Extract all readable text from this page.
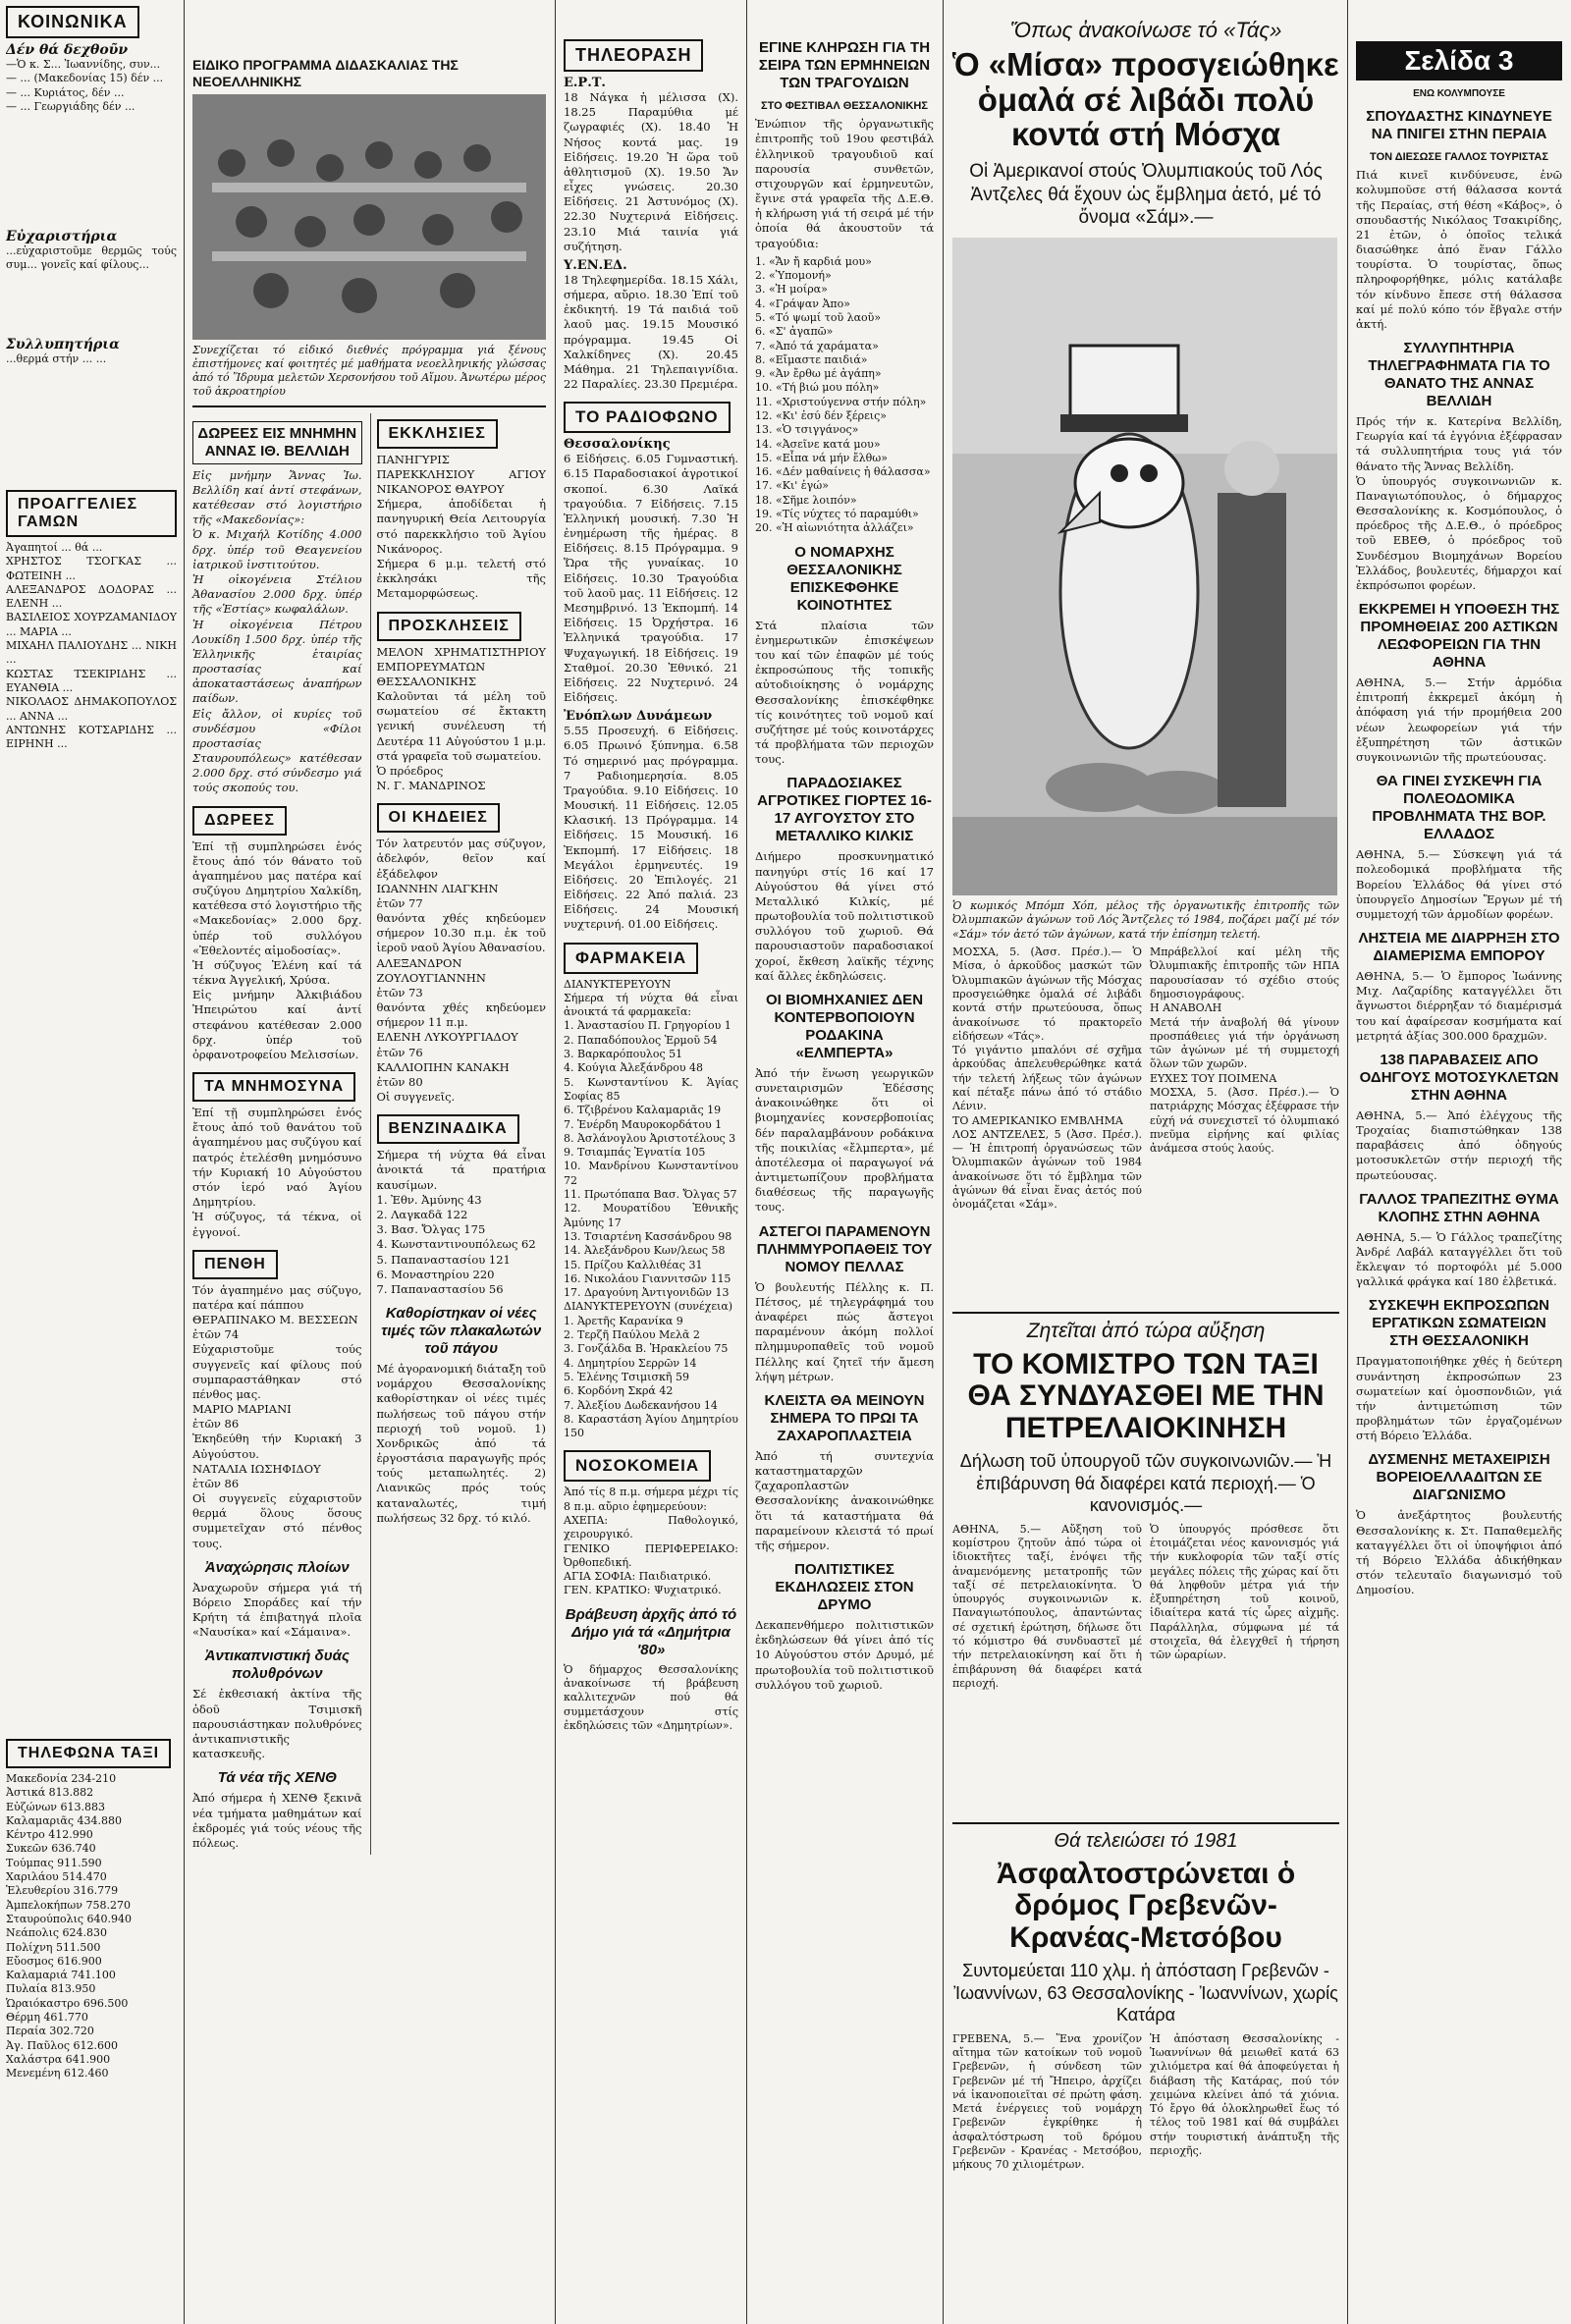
ΚΟΙΝΩΝΙΚΑ
Δέν θά δεχθοῦν
—Ὁ κ. Σ... Ἰωαννίδης, συν...
— ... (Μακεδονίας 15) δέν ...
— ... Κυριάτος, δέν ...
— ... Γεωργιάδης δέν ...
Εὐχαριστήρια
...εὐχαριστοῦμε θερμῶς τούς συμ... γονεῖς καί φίλους...
Συλλυπητήρια
...θερμά στήν ... ...
ΠΡΟΑΓΓΕΛΙΕΣ ΓΑΜΩΝ
Ἀγαπητοί ... θά ...
ΧΡΗΣΤΟΣ ΤΣΟΓΚΑΣ ... ΦΩΤΕΙΝΗ ...
ΑΛΕΞΑΝΔΡΟΣ ΔΟΔΟΡΑΣ ... ΕΛΕΝΗ ...
ΒΑΣΙΛΕΙΟΣ ΧΟΥΡΖΑΜΑΝΙΔΟΥ ... ΜΑΡΙΑ ...
ΜΙΧΑΗΛ ΠΑΛΙΟΥΔΗΣ ... ΝΙΚΗ ...
ΚΩΣΤΑΣ ΤΣΕΚΙΡΙΔΗΣ ... ΕΥΑΝΘΙΑ ...
ΝΙΚΟΛΑΟΣ ΔΗΜΑΚΟΠΟΥΛΟΣ ... ΑΝΝΑ ...
ΑΝΤΩΝΗΣ ΚΟΤΣΑΡΙΔΗΣ ... ΕΙΡΗΝΗ ...
ΤΗΛΕΦΩΝΑ ΤΑΞΙ
Μακεδονία 234-210
Ἀστικά 813.882
Εὐζώνων 613.883
Καλαμαριᾶς 434.880
Κέντρο 412.990
Συκεῶν 636.740
Τούμπας 911.590
Χαριλάου 514.470
Ἐλευθερίου 316.779
Ἀμπελοκήπων 758.270
Σταυρούπολις 640.940
Νεάπολις 624.830
Πολίχνη 511.500
Εὔοσμος 616.900
Καλαμαριά 741.100
Πυλαία 813.950
Ὡραιόκαστρο 696.500
Θέρμη 461.770
Περαία 302.720
Ἀγ. Παῦλος 612.600
Χαλάστρα 641.900
Μενεμένη 612.460
ΕΙΔΙΚΟ ΠΡΟΓΡΑΜΜΑ ΔΙΔΑΣΚΑΛΙΑΣ ΤΗΣ ΝΕΟΕΛΛΗΝΙΚΗΣ
Συνεχίζεται τό εἰδικό διεθνές πρόγραμμα γιά ξένους ἐπιστήμονες καί φοιτητές μέ μαθήματα νεοελληνικής γλώσσας ἀπό τό Ἵδρυμα μελετῶν Χερσονήσου τοῦ Αἵμου. Ἀνωτέρω μέρος τοῦ ἀκροατηρίου
ΔΩΡΕΕΣ ΕΙΣ ΜΝΗΜΗΝ ΑΝΝΑΣ ΙΘ. ΒΕΛΛΙΔΗ
Εἰς μνήμην Ἄννας Ἰω. Βελλίδη καί ἀντί στεφάνων, κατέθεσαν στό λογιστήριο τῆς «Μακεδονίας»:
Ὁ κ. Μιχαήλ Κοτίδης 4.000 δρχ. ὑπέρ τοῦ Θεαγενείου ἰατρικοῦ ἰνστιτούτου.
Ἡ οἰκογένεια Στέλιου Ἀθανασίου 2.000 δρχ. ὑπέρ τῆς «Ἑστίας» κωφαλάλων.
Ἡ οἰκογένεια Πέτρου Λουκίδη 1.500 δρχ. ὑπέρ τῆς Ἑλληνικῆς ἑταιρίας προστασίας καί ἀποκαταστάσεως ἀναπήρων παίδων.
Εἰς ἄλλον, οἱ κυρίες τοῦ συνδέσμου «Φίλοι προστασίας Σταυρουπόλεως» κατέθεσαν 2.000 δρχ. στό σύνδεσμο γιά τούς σκοπούς του.
ΔΩΡΕΕΣ
Ἐπί τῇ συμπληρώσει ἑνός ἔτους ἀπό τόν θάνατο τοῦ ἀγαπημένου μας πατέρα καί συζύγου Δημητρίου Χαλκίδη, κατέθεσα στό λογιστήριο τῆς «Μακεδονίας» 2.000 δρχ. ὑπέρ τοῦ συλλόγου «Ἐθελοντές αἱμοδοσίας».
Ἡ σύζυγος Ἑλένη καί τά τέκνα Ἀγγελική, Χρύσα.
Εἰς μνήμην Ἀλκιβιάδου Ἠπειρώτου καί ἀντί στεφάνου κατέθεσαν 2.000 δρχ. ὑπέρ τοῦ ὀρφανοτροφείου Μελισσίων.
ΤΑ ΜΝΗΜΟΣΥΝΑ
Ἐπί τῇ συμπληρώσει ἑνός ἔτους ἀπό τοῦ θανάτου τοῦ ἀγαπημένου μας συζύγου καί πατρός ἐτελέσθη μνημόσυνο τήν Κυριακή 10 Αὐγούστου στόν ἱερό ναό Ἁγίου Δημητρίου.
Ἡ σύζυγος, τά τέκνα, οἱ ἐγγονοί.
ΠΕΝΘΗ
Τόν ἀγαπημένο μας σύζυγο, πατέρα καί πάππου
ΘΕΡΑΠΙΝΑΚΟ Μ. ΒΕΣΣΕΩΝ
ἐτῶν 74
Εὐχαριστοῦμε τούς συγγενεῖς καί φίλους πού συμπαραστάθηκαν στό πένθος μας.
ΜΑΡΙΟ ΜΑΡΙΑΝΙ
ἐτῶν 86
Ἐκηδεύθη τήν Κυριακή 3 Αὐγούστου.
ΝΑΤΑΛΙΑ ΙΩΣΗΦΙΔΟΥ
ἐτῶν 86
Οἱ συγγενεῖς εὐχαριστοῦν θερμά ὅλους ὅσους συμμετεῖχαν στό πένθος τους.
Ἀναχώρησις πλοίων
Ἀναχωροῦν σήμερα γιά τή Βόρειο Σποράδες καί τήν Κρήτη τά ἐπιβατηγά πλοῖα «Ναυσίκα» καί «Σάμαινα».
Ἀντικαπνιστική δυάς πολυθρόνων
Σέ ἐκθεσιακή ἀκτίνα τῆς ὁδοῦ Τσιμισκῆ παρουσιάστηκαν πολυθρόνες ἀντικαπνιστικῆς κατασκευῆς.
Τά νέα τῆς ΧΕΝΘ
Ἀπό σήμερα ἡ ΧΕΝΘ ξεκινᾶ νέα τμήματα μαθημάτων καί ἐκδρομές γιά τούς νέους τῆς πόλεως.
ΕΚΚΛΗΣΙΕΣ
ΠΑΝΗΓΥΡΙΣ ΠΑΡΕΚΚΛΗΣΙΟΥ ΑΓΙΟΥ ΝΙΚΑΝΟΡΟΣ ΘΑΥΡΟΥ
Σήμερα, ἀποδίδεται ἡ πανηγυρική Θεία Λειτουργία στό παρεκκλήσιο τοῦ Ἁγίου Νικάνορος.
Σήμερα 6 μ.μ. τελετή στό ἐκκλησάκι τῆς Μεταμορφώσεως.
ΠΡΟΣΚΛΗΣΕΙΣ
ΜΕΛΟΝ ΧΡΗΜΑΤΙΣΤΗΡΙΟΥ ΕΜΠΟΡΕΥΜΑΤΩΝ ΘΕΣΣΑΛΟΝΙΚΗΣ
Καλοῦνται τά μέλη τοῦ σωματείου σέ ἔκτακτη γενική συνέλευση τή Δευτέρα 11 Αὐγούστου 1 μ.μ. στά γραφεῖα τοῦ σωματείου.
Ὁ πρόεδρος
Ν. Γ. ΜΑΝΔΡΙΝΟΣ
ΟΙ ΚΗΔΕΙΕΣ
Τόν λατρευτόν μας σύζυγον, ἀδελφόν, θεῖον καί ἐξάδελφον
ΙΩΑΝΝΗΝ ΛΙΑΓΚΗΝ
ἐτῶν 77
θανόντα χθές κηδεύομεν σήμερον 10.30 π.μ. ἐκ τοῦ ἱεροῦ ναοῦ Ἁγίου Ἀθανασίου.
ΑΛΕΞΑΝΔΡΟΝ ΖΟΥΛΟΥΓΙΑΝΝΗΝ
ἐτῶν 73
θανόντα χθές κηδεύομεν σήμερον 11 π.μ.
ΕΛΕΝΗ ΛΥΚΟΥΡΓΙΑΔΟΥ
ἐτῶν 76
ΚΑΛΛΙΟΠΗΝ ΚΑΝΑΚΗ
ἐτῶν 80
Οἱ συγγενεῖς.
ΒΕΝΖΙΝΑΔΙΚΑ
Σήμερα τή νύχτα θά εἶναι ἀνοικτά τά πρατήρια καυσίμων.
1. Ἐθν. Ἀμύνης 43
2. Λαγκαδᾶ 122
3. Βασ. Ὄλγας 175
4. Κωνσταντινουπόλεως 62
5. Παπαναστασίου 121
6. Μοναστηρίου 220
7. Παπαναστασίου 56
Καθορίστηκαν οἱ νέες τιμές τῶν πλακαλωτών τοῦ πάγου
Μέ ἀγορανομική διάταξη τοῦ νομάρχου Θεσσαλονίκης καθορίστηκαν οἱ νέες τιμές πωλήσεως τοῦ πάγου στήν περιοχή τοῦ νομοῦ. 1) Χονδρικῶς ἀπό τά ἐργοστάσια παραγωγῆς πρός τούς μεταπωλητές. 2) Λιανικῶς πρός τούς καταναλωτές, τιμή πωλήσεως 32 δρχ. τό κιλό.
ΤΗΛΕΟΡΑΣΗ
Ε.Ρ.Τ.
18 Νάγκα ἡ μέλισσα (Χ). 18.25 Παραμύθια μέ ζωγραφιές (Χ). 18.40 Ἡ Νήσος κοντά μας. 19 Εἰδήσεις. 19.20 Ἡ ὥρα τοῦ ἀθλητισμοῦ (Χ). 19.50 Ἄν εἶχες γνώσεις. 20.30 Εἰδήσεις. 21 Ἀστυνόμος (Χ). 22.30 Νυχτερινά Εἰδήσεις. 23.10 Μιά ταινία γιά συζήτηση.
Υ.ΕΝ.ΕΔ.
18 Τηλεφημερίδα. 18.15 Χάλι, σήμερα, αὔριο. 18.30 Ἐπί τοῦ ἐκδικητή. 19 Τά παιδιά τοῦ λαοῦ μας. 19.15 Μουσικό πρόγραμμα. 19.45 Οἱ Χαλκίδηνες (Χ). 20.45 Μάθημα. 21 Τηλεπαιγνίδια. 22 Παραλίες. 23.30 Πρεμιέρα.
ΤΟ ΡΑΔΙΟΦΩΝΟ
Θεσσαλονίκης
6 Εἰδήσεις. 6.05 Γυμναστική. 6.15 Παραδοσιακοί ἀγροτικοί σκοποί. 6.30 Λαϊκά τραγούδια. 7 Εἰδήσεις. 7.15 Ἑλληνική μουσική. 7.30 Ἡ ἐνημέρωση τῆς ἡμέρας. 8 Εἰδήσεις. 8.15 Πρόγραμμα. 9 Ὥρα τῆς γυναίκας. 10 Εἰδήσεις. 10.30 Τραγούδια τοῦ λαοῦ μας. 11 Εἰδήσεις. 12 Μεσημβρινό. 13 Ἐκπομπή. 14 Εἰδήσεις. 15 Ὀρχήστρα. 16 Ἑλληνικά τραγούδια. 17 Ψυχαγωγική. 18 Εἰδήσεις. 19 Σταθμοί. 20.30 Ἐθνικό. 21 Εἰδήσεις. 22 Νυχτερινό. 24 Εἰδήσεις.
Ἐνόπλων Δυνάμεων
5.55 Προσευχή. 6 Εἰδήσεις. 6.05 Πρωινό ξύπνημα. 6.58 Τό σημερινό μας πρόγραμμα. 7 Ραδιοημερησία. 8.05 Τραγούδια. 9.10 Εἰδήσεις. 10 Μουσική. 11 Εἰδήσεις. 12.05 Κλασική. 13 Πρόγραμμα. 14 Εἰδήσεις. 15 Μουσική. 16 Ἐκπομπή. 17 Εἰδήσεις. 18 Μεγάλοι ἑρμηνευτές. 19 Εἰδήσεις. 20 Ἐπιλογές. 21 Εἰδήσεις. 22 Ἀπό παλιά. 23 Εἰδήσεις. 24 Μουσική νυχτερινή. 01.00 Εἰδήσεις.
ΦΑΡΜΑΚΕΙΑ
ΔΙΑΝΥΚΤΕΡΕΥΟΥΝ
Σήμερα τή νύχτα θά εἶναι ἀνοικτά τά φαρμακεῖα:
1. Ἀναστασίου Π. Γρηγορίου 1
2. Παπαδόπουλος Ἐρμοῦ 54
3. Βαρκαρόπουλος 51
4. Κούγια Ἀλεξάνδρου 48
5. Κωνσταντίνου Κ. Ἁγίας Σοφίας 85
6. Τζιβρένου Καλαμαριᾶς 19
7. Ἑνέρδη Μαυροκορδάτου 1
8. Ἀσλάνογλου Ἀριστοτέλους 3
9. Τσιαμπάς Ἐγνατία 105
10. Μανδρίνου Κωνσταντίνου 72
11. Πρωτόπαπα Βασ. Ὄλγας 57
12. Μουρατίδου Ἐθνικῆς Ἀμύνης 17
13. Τσιαρτένη Κασσάνδρου 98
14. Ἀλεξάνδρου Κων/λεως 58
15. Πρίζου Καλλιθέας 31
16. Νικολάου Γιαννιτσῶν 115
17. Δραγούνη Ἀντιγονιδῶν 13
ΔΙΑΝΥΚΤΕΡΕΥΟΥΝ (συνέχεια)
1. Ἀρετῆς Καρανίκα 9
2. Τερζῆ Παύλου Μελᾶ 2
3. Γονζάλδα Β. Ἡρακλείου 75
4. Δημητρίου Σερρῶν 14
5. Ἑλένης Τσιμισκῆ 59
6. Κορδόνη Σκρά 42
7. Ἀλεξίου Δωδεκανήσου 14
8. Καραστάση Ἁγίου Δημητρίου 150
ΝΟΣΟΚΟΜΕΙΑ
Ἀπό τίς 8 π.μ. σήμερα μέχρι τίς 8 π.μ. αὔριο ἐφημερεύουν:
ΑΧΕΠΑ: Παθολογικό, χειρουργικό.
ΓΕΝΙΚΟ ΠΕΡΙΦΕΡΕΙΑΚΟ: Ὀρθοπεδική.
ΑΓΙΑ ΣΟΦΙΑ: Παιδιατρικό.
ΓΕΝ. ΚΡΑΤΙΚΟ: Ψυχιατρικό.
Βράβευση ἀρχῆς ἀπό τό Δήμο γιά τά «Δημήτρια '80»
Ὁ δήμαρχος Θεσσαλονίκης ἀνακοίνωσε τή βράβευση καλλιτεχνῶν πού θά συμμετάσχουν στίς ἐκδηλώσεις τῶν «Δημητρίων».
ΕΓΙΝΕ ΚΛΗΡΩΣΗ ΓΙΑ ΤΗ ΣΕΙΡΑ ΤΩΝ ΕΡΜΗΝΕΙΩΝ ΤΩΝ ΤΡΑΓΟΥΔΙΩΝ
ΣΤΟ ΦΕΣΤΙΒΑΛ ΘΕΣΣΑΛΟΝΙΚΗΣ
Ἐνώπιον τῆς ὀργανωτικῆς ἐπιτροπῆς τοῦ 19ου φεστιβάλ ἑλληνικοῦ τραγουδιοῦ καί παρουσία συνθετῶν, στιχουργῶν καί ἑρμηνευτῶν, ἔγινε στά γραφεῖα τῆς Δ.Ε.Θ. ἡ κλήρωση γιά τή σειρά μέ τήν ὁποία θά ἀκουστοῦν τά τραγούδια:
1. «Ἄν ἤ καρδιά μου»
2. «Ὑπομονή»
3. «Ἡ μοίρα»
4. «Γράψαν Ἀπο»
5. «Τό ψωμί τοῦ λαοῦ»
6. «Σ' ἀγαπῶ»
7. «Ἀπό τά χαράματα»
8. «Εἴμαστε παιδιά»
9. «Ἀν ἔρθω μέ ἀγάπη»
10. «Τή βιώ μου πόλη»
11. «Χριστούγεννα στήν πόλη»
12. «Κι' ἐσύ δέν ξέρεις»
13. «Ὁ τσιγγάνος»
14. «Ἀσεῖνε κατά μου»
15. «Εἶπα νά μήν ἔλθω»
16. «Δέν μαθαίνεις ἡ θάλασσα»
17. «Κι' ἐγώ»
18. «Σῆμε λοιπόν»
19. «Τίς νύχτες τό παραμύθι»
20. «Ἡ αἰωνιότητα ἀλλάζει»
Ο ΝΟΜΑΡΧΗΣ ΘΕΣΣΑΛΟΝΙΚΗΣ ΕΠΙΣΚΕΦΘΗΚΕ ΚΟΙΝΟΤΗΤΕΣ
Στά πλαίσια τῶν ἐνημερωτικῶν ἐπισκέψεων του καί τῶν ἐπαφῶν μέ τούς ἐκπροσώπους τῆς τοπικῆς αὐτοδιοίκησης ὁ νομάρχης Θεσσαλονίκης ἐπισκέφθηκε τίς κοινότητες τοῦ νομοῦ καί συζήτησε μέ τούς κοινοτάρχες τά προβλήματα τῶν περιοχῶν τους.
ΠΑΡΑΔΟΣΙΑΚΕΣ ΑΓΡΟΤΙΚΕΣ ΓΙΟΡΤΕΣ 16-17 ΑΥΓΟΥΣΤΟΥ ΣΤΟ ΜΕΤΑΛΛΙΚΟ ΚΙΛΚΙΣ
Διήμερο προσκυνηματικό πανηγύρι στίς 16 καί 17 Αὐγούστου θά γίνει στό Μεταλλικό Κιλκίς, μέ πρωτοβουλία τοῦ πολιτιστικοῦ συλλόγου τοῦ χωριοῦ. Θά παρουσιαστοῦν παραδοσιακοί χοροί, ἔκθεση λαϊκῆς τέχνης καί ἄλλες ἐκδηλώσεις.
ΟΙ ΒΙΟΜΗΧΑΝΙΕΣ ΔΕΝ ΚΟΝΤΕΡΒΟΠΟΙΟΥΝ ΡΟΔΑΚΙΝΑ «ΕΛΜΠΕΡΤΑ»
Ἀπό τήν ἕνωση γεωργικῶν συνεταιρισμῶν Ἐδέσσης ἀνακοινώθηκε ὅτι οἱ βιομηχανίες κονσερβοποιίας δέν παραλαμβάνουν ροδάκινα τῆς ποικιλίας «ἔλμπερτα», μέ ἀποτέλεσμα οἱ παραγωγοί νά ἀντιμετωπίζουν προβλήματα διαθέσεως τῆς παραγωγῆς τους.
ΑΣΤΕΓΟΙ ΠΑΡΑΜΕΝΟΥΝ ΠΛΗΜΜΥΡΟΠΑΘΕΙΣ ΤΟΥ ΝΟΜΟΥ ΠΕΛΛΑΣ
Ὁ βουλευτής Πέλλης κ. Π. Πέτσος, μέ τηλεγράφημά του ἀναφέρει πώς ἄστεγοι παραμένουν ἀκόμη πολλοί πλημμυροπαθεῖς τοῦ νομοῦ Πέλλης καί ζητεῖ τήν ἄμεση λήψη μέτρων.
ΚΛΕΙΣΤΑ ΘΑ ΜΕΙΝΟΥΝ ΣΗΜΕΡΑ ΤΟ ΠΡΩΙ ΤΑ ΖΑΧΑΡΟΠΛΑΣΤΕΙΑ
Ἀπό τή συντεχνία καταστηματαρχῶν ζαχαροπλαστῶν Θεσσαλονίκης ἀνακοινώθηκε ὅτι τά καταστήματα θά παραμείνουν κλειστά τό πρωί τῆς σήμερον.
ΠΟΛΙΤΙΣΤΙΚΕΣ ΕΚΔΗΛΩΣΕΙΣ ΣΤΟΝ ΔΡΥΜΟ
Δεκαπενθήμερο πολιτιστικῶν ἐκδηλώσεων θά γίνει ἀπό τίς 10 Αὐγούστου στόν Δρυμό, μέ πρωτοβουλία τοῦ πολιτιστικοῦ συλλόγου τοῦ χωριοῦ.
Ὅπως ἀνακοίνωσε τό «Τάς»
Ὁ «Μίσα» προσγειώθηκε ὁμαλά σέ λιβάδι πολύ κοντά στή Μόσχα
Οἱ Ἀμερικανοί στούς Ὀλυμπιακούς τοῦ Λός Ἀντζελες θά ἔχουν ὡς ἔμβλημα ἀετό, μέ τό ὄνομα «Σάμ».—
Ὁ κωμικός Μπόμπ Χόπ, μέλος τῆς ὀργανωτικῆς ἐπιτροπῆς τῶν Ὀλυμπιακῶν ἀγώνων τοῦ Λός Ἄντζελες τό 1984, ποζάρει μαζί μέ τόν «Σάμ» τόν ἀετό τῶν ἀγώνων, κατά τήν ἐπίσημη τελετή.
ΜΟΣΧΑ, 5. (Ἀσσ. Πρέσ.).— Ὁ Μίσα, ὁ ἀρκοῦδος μασκώτ τῶν Ὀλυμπιακῶν ἀγώνων τῆς Μόσχας προσγειώθηκε ὁμαλά σέ λιβάδι κοντά στήν πρωτεύουσα, ὅπως ἀνακοίνωσε τό πρακτορεῖο εἰδήσεων «Τάς».
Τό γιγάντιο μπαλόνι σέ σχῆμα ἀρκούδας ἀπελευθερώθηκε κατά τήν τελετή λήξεως τῶν ἀγώνων καί πέταξε πάνω ἀπό τό στάδιο Λένιν.
ΤΟ ΑΜΕΡΙΚΑΝΙΚΟ ΕΜΒΛΗΜΑ
ΛΟΣ ΑΝΤΖΕΛΕΣ, 5 (Ἀσσ. Πρέσ.).— Ἡ ἐπιτροπή ὀργανώσεως τῶν Ὀλυμπιακῶν ἀγώνων τοῦ 1984 ἀνακοίνωσε ὅτι τό ἔμβλημα τῶν ἀγώνων θά εἶναι ἕνας ἀετός πού ὀνομάζεται «Σάμ».
Μπράβελλοί καί μέλη τῆς Ὀλυμπιακῆς ἐπιτροπῆς τῶν ΗΠΑ παρουσίασαν τό σχέδιο στούς δημοσιογράφους.
Η ΑΝΑΒΟΛΗ
Μετά τήν ἀναβολή θά γίνουν προσπάθειες γιά τήν ὀργάνωση τῶν ἀγώνων μέ τή συμμετοχή ὅλων τῶν χωρῶν.
ΕΥΧΕΣ ΤΟΥ ΠΟΙΜΕΝΑ
ΜΟΣΧΑ, 5. (Ἀσσ. Πρέσ.).— Ὁ πατριάρχης Μόσχας ἐξέφρασε τήν εὐχή νά συνεχιστεῖ τό ὀλυμπιακό πνεῦμα εἰρήνης καί φιλίας ἀνάμεσα στούς λαούς.
Ζητεῖται ἀπό τώρα αὔξηση
ΤΟ ΚΟΜΙΣΤΡΟ ΤΩΝ ΤΑΞΙ ΘΑ ΣΥΝΔΥΑΣΘΕΙ ΜΕ ΤΗΝ ΠΕΤΡΕΛΑΙΟΚΙΝΗΣΗ
Δήλωση τοῦ ὑπουργοῦ τῶν συγκοινωνιῶν.— Ἡ ἐπιβάρυνση θά διαφέρει κατά περιοχή.— Ὁ κανονισμός.—
ΑΘΗΝΑ, 5.— Αὔξηση τοῦ κομίστρου ζητοῦν ἀπό τώρα οἱ ἰδιοκτῆτες ταξί, ἐνόψει τῆς ἀναμενόμενης μετατροπῆς τῶν ταξί σέ πετρελαιοκίνητα. Ὁ ὑπουργός συγκοινωνιῶν κ. Παναγιωτόπουλος, ἀπαντώντας σέ σχετική ἐρώτηση, δήλωσε ὅτι τό κόμιστρο θά συνδυαστεῖ μέ τήν πετρελαιοκίνηση καί ὅτι ἡ ἐπιβάρυνση θά διαφέρει κατά περιοχή.
Ὁ ὑπουργός πρόσθεσε ὅτι ἑτοιμάζεται νέος κανονισμός γιά τήν κυκλοφορία τῶν ταξί στίς μεγάλες πόλεις τῆς χώρας καί ὅτι θά ληφθοῦν μέτρα γιά τήν ἐξυπηρέτηση τοῦ κοινοῦ, ἰδιαίτερα κατά τίς ὧρες αἰχμῆς. Παράλληλα, σύμφωνα μέ τά στοιχεῖα, θά ἐλεγχθεῖ ἡ τήρηση τῶν ὡραρίων.
Θά τελειώσει τό 1981
Ἀσφαλτοστρώνεται ὁ δρόμος Γρεβενῶν-Κρανέας-Μετσόβου
Συντομεύεται 110 χλμ. ἡ ἀπόσταση Γρεβενῶν - Ἰωαννίνων, 63 Θεσσαλονίκης - Ἰωαννίνων, χωρίς Κατάρα
ΓΡΕΒΕΝΑ, 5.— Ἕνα χρονίζον αἴτημα τῶν κατοίκων τοῦ νομοῦ Γρεβενῶν, ἡ σύνδεση τῶν Γρεβενῶν μέ τή Ἤπειρο, ἀρχίζει νά ἱκανοποιεῖται σέ πρώτη φάση. Μετά ἐνέργειες τοῦ νομάρχη Γρεβενῶν ἐγκρίθηκε ἡ ἀσφαλτόστρωση τοῦ δρόμου Γρεβενῶν - Κρανέας - Μετσόβου, μήκους 70 χιλιομέτρων.
Ἡ ἀπόσταση Θεσσαλονίκης - Ἰωαννίνων θά μειωθεῖ κατά 63 χιλιόμετρα καί θά ἀποφεύγεται ἡ διάβαση τῆς Κατάρας, πού τόν χειμώνα κλείνει ἀπό τά χιόνια. Τό ἔργο θά ὁλοκληρωθεῖ ἕως τό τέλος τοῦ 1981 καί θά συμβάλει στήν τουριστική ἀνάπτυξη τῆς περιοχῆς.
Σελίδα 3
ΕΝΩ ΚΟΛΥΜΠΟΥΣΕ
ΣΠΟΥΔΑΣΤΗΣ ΚΙΝΔΥΝΕΥΕ ΝΑ ΠΝΙΓΕΙ ΣΤΗΝ ΠΕΡΑΙΑ
ΤΟΝ ΔΙΕΣΩΣΕ ΓΑΛΛΟΣ ΤΟΥΡΙΣΤΑΣ
Πιά κινεῖ κινδύνευσε, ἐνῶ κολυμποῦσε στή θάλασσα κοντά τῆς Περαίας, στή θέση «Κάβος», ὁ σπουδαστής Νικόλαος Τσακιρίδης, 21 ἐτῶν, ὁ ὁποῖος τελικά διασώθηκε ἀπό ἕναν Γάλλο τουρίστα. Ὁ τουρίστας, ὅπως πληροφορήθηκε, μόλις κατάλαβε τόν κίνδυνο ἔπεσε στή θάλασσα καί μέ πολύ κόπο τόν ἔβγαλε στήν ἀκτή.
ΣΥΛΛΥΠΗΤΗΡΙΑ ΤΗΛΕΓΡΑΦΗΜΑΤΑ ΓΙΑ ΤΟ ΘΑΝΑΤΟ ΤΗΣ ΑΝΝΑΣ ΒΕΛΛΙΔΗ
Πρός τήν κ. Κατερίνα Βελλίδη, Γεωργία καί τά ἐγγόνια ἐξέφρασαν τά συλλυπητήρια τους γιά τόν θάνατο τῆς Ἄννας Βελλίδη.
Ὁ ὑπουργός συγκοινωνιῶν κ. Παναγιωτόπουλος, ὁ δήμαρχος Θεσσαλονίκης κ. Κοσμόπουλος, ὁ πρόεδρος τῆς Δ.Ε.Θ., ὁ πρόεδρος τοῦ ΕΒΕΘ, ὁ πρόεδρος τοῦ Συνδέσμου Βιομηχάνων Βορείου Ἑλλάδος, βουλευτές, δήμαρχοι καί ἐκπρόσωποι φορέων.
ΕΚΚΡΕΜΕΙ Η ΥΠΟΘΕΣΗ ΤΗΣ ΠΡΟΜΗΘΕΙΑΣ 200 ΑΣΤΙΚΩΝ ΛΕΩΦΟΡΕΙΩΝ ΓΙΑ ΤΗΝ ΑΘΗΝΑ
ΑΘΗΝΑ, 5.— Στήν ἁρμόδια ἐπιτροπή ἐκκρεμεῖ ἀκόμη ἡ ἀπόφαση γιά τήν προμήθεια 200 νέων λεωφορείων γιά τήν ἐξυπηρέτηση τῶν ἀστικῶν συγκοινωνιῶν τῆς πρωτεύουσας.
ΘΑ ΓΙΝΕΙ ΣΥΣΚΕΨΗ ΓΙΑ ΠΟΛΕΟΔΟΜΙΚΑ ΠΡΟΒΛΗΜΑΤΑ ΤΗΣ ΒΟΡ. ΕΛΛΑΔΟΣ
ΑΘΗΝΑ, 5.— Σύσκεψη γιά τά πολεοδομικά προβλήματα τῆς Βορείου Ἑλλάδος θά γίνει στό ὑπουργεῖο Δημοσίων Ἔργων μέ τή συμμετοχή τῶν ἁρμοδίων φορέων.
ΛΗΣΤΕΙΑ ΜΕ ΔΙΑΡΡΗΞΗ ΣΤΟ ΔΙΑΜΕΡΙΣΜΑ ΕΜΠΟΡΟΥ
ΑΘΗΝΑ, 5.— Ὁ ἔμπορος Ἰωάννης Μιχ. Λαζαρίδης καταγγέλλει ὅτι ἄγνωστοι διέρρηξαν τό διαμέρισμά του καί ἀφαίρεσαν κοσμήματα καί μετρητά ἀξίας 300.000 δραχμῶν.
138 ΠΑΡΑΒΑΣΕΙΣ ΑΠΟ ΟΔΗΓΟΥΣ ΜΟΤΟΣΥΚΛΕΤΩΝ ΣΤΗΝ ΑΘΗΝΑ
ΑΘΗΝΑ, 5.— Ἀπό ἐλέγχους τῆς Τροχαίας διαπιστώθηκαν 138 παραβάσεις ἀπό ὁδηγούς μοτοσυκλετῶν στήν περιοχή τῆς πρωτεύουσας.
ΓΑΛΛΟΣ ΤΡΑΠΕΖΙΤΗΣ ΘΥΜΑ ΚΛΟΠΗΣ ΣΤΗΝ ΑΘΗΝΑ
ΑΘΗΝΑ, 5.— Ὁ Γάλλος τραπεζίτης Ἀνδρέ Λαβάλ καταγγέλλει ὅτι τοῦ ἔκλεψαν τό πορτοφόλι μέ 5.000 γαλλικά φράγκα καί 180 ἑλβετικά.
ΣΥΣΚΕΨΗ ΕΚΠΡΟΣΩΠΩΝ ΕΡΓΑΤΙΚΩΝ ΣΩΜΑΤΕΙΩΝ ΣΤΗ ΘΕΣΣΑΛΟΝΙΚΗ
Πραγματοποιήθηκε χθές ἡ δεύτερη συνάντηση ἐκπροσώπων 23 σωματείων καί ὁμοσπονδιῶν, γιά τήν ἀντιμετώπιση τῶν προβλημάτων τῶν ἐργαζομένων στή Βόρειο Ἑλλάδα.
ΔΥΣΜΕΝΗΣ ΜΕΤΑΧΕΙΡΙΣΗ ΒΟΡΕΙΟΕΛΛΑΔΙΤΩΝ ΣΕ ΔΙΑΓΩΝΙΣΜΟ
Ὁ ἀνεξάρτητος βουλευτής Θεσσαλονίκης κ. Στ. Παπαθεμελῆς καταγγέλλει ὅτι οἱ ὑποψήφιοι ἀπό τή Βόρειο Ἑλλάδα ἀδικήθηκαν στόν τελευταῖο διαγωνισμό τοῦ Δημοσίου.
